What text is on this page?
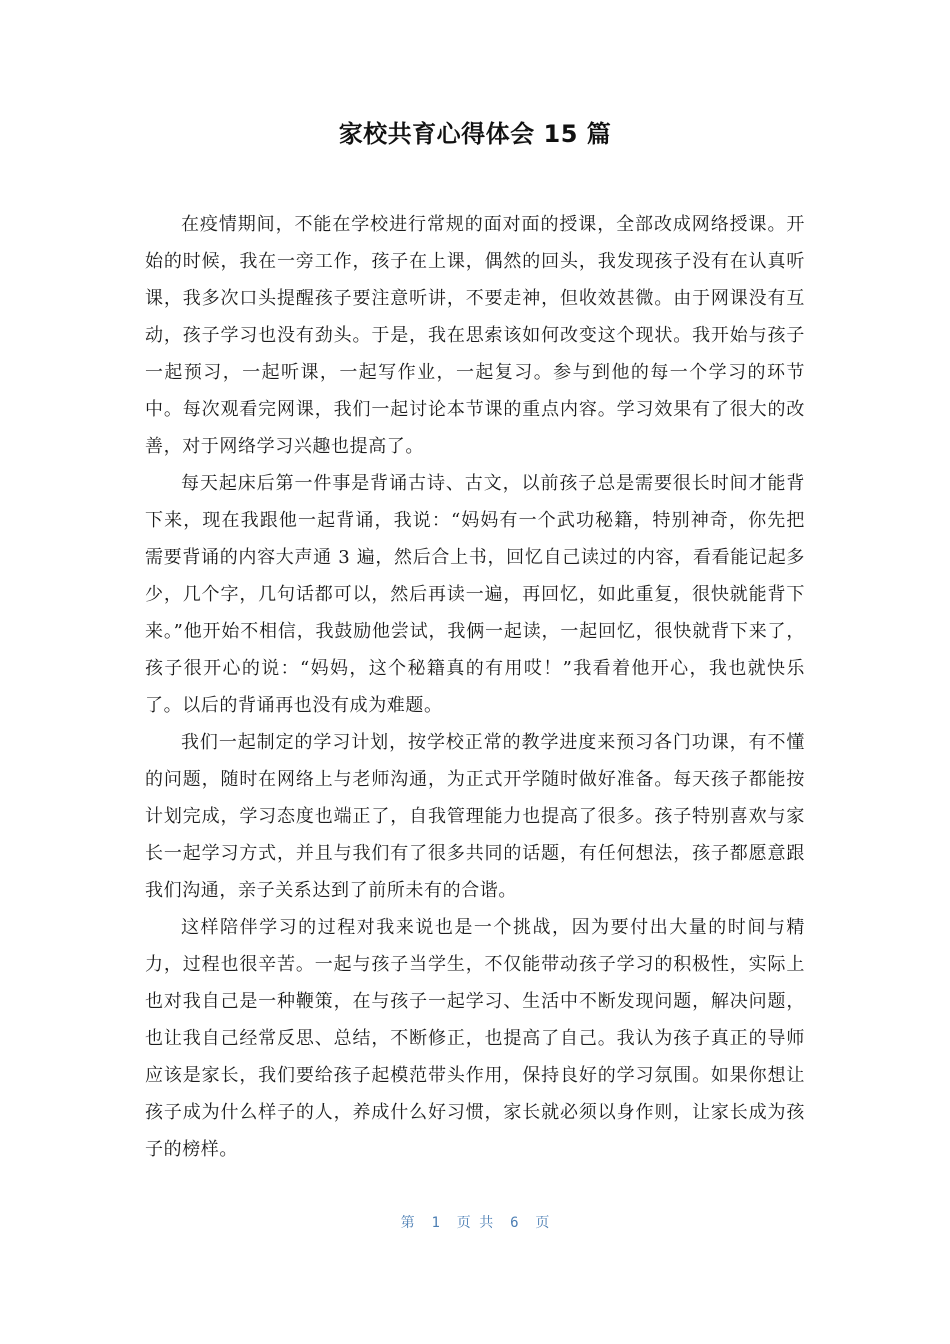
家校共育心得体会 15 篇

在疫情期间，不能在学校进行常规的面对面的授课，全部改成网络授课。开始的时候，我在一旁工作，孩子在上课，偶然的回头，我发现孩子没有在认真听课，我多次口头提醒孩子要注意听讲，不要走神，但收效甚微。由于网课没有互动，孩子学习也没有劲头。于是，我在思索该如何改变这个现状。我开始与孩子一起预习，一起听课，一起写作业，一起复习。参与到他的每一个学习的环节中。每次观看完网课，我们一起讨论本节课的重点内容。学习效果有了很大的改善，对于网络学习兴趣也提高了。

每天起床后第一件事是背诵古诗、古文，以前孩子总是需要很长时间才能背下来，现在我跟他一起背诵，我说：“妈妈有一个武功秘籍，特别神奇，你先把需要背诵的内容大声通 3 遍，然后合上书，回忆自己读过的内容，看看能记起多少，几个字，几句话都可以，然后再读一遍，再回忆，如此重复，很快就能背下来。”他开始不相信，我鼓励他尝试，我俩一起读，一起回忆，很快就背下来了，孩子很开心的说：“妈妈，这个秘籍真的有用哎！”我看着他开心，我也就快乐了。以后的背诵再也没有成为难题。

我们一起制定的学习计划，按学校正常的教学进度来预习各门功课，有不懂的问题，随时在网络上与老师沟通，为正式开学随时做好准备。每天孩子都能按计划完成，学习态度也端正了，自我管理能力也提高了很多。孩子特别喜欢与家长一起学习方式，并且与我们有了很多共同的话题，有任何想法，孩子都愿意跟我们沟通，亲子关系达到了前所未有的合谐。

这样陪伴学习的过程对我来说也是一个挑战，因为要付出大量的时间与精力，过程也很辛苦。一起与孩子当学生，不仅能带动孩子学习的积极性，实际上也对我自己是一种鞭策，在与孩子一起学习、生活中不断发现问题，解决问题，也让我自己经常反思、总结，不断修正，也提高了自己。我认为孩子真正的导师应该是家长，我们要给孩子起模范带头作用，保持良好的学习氛围。如果你想让孩子成为什么样子的人，养成什么好习惯，家长就必须以身作则，让家长成为孩子的榜样。

第  1  页 共  6  页
